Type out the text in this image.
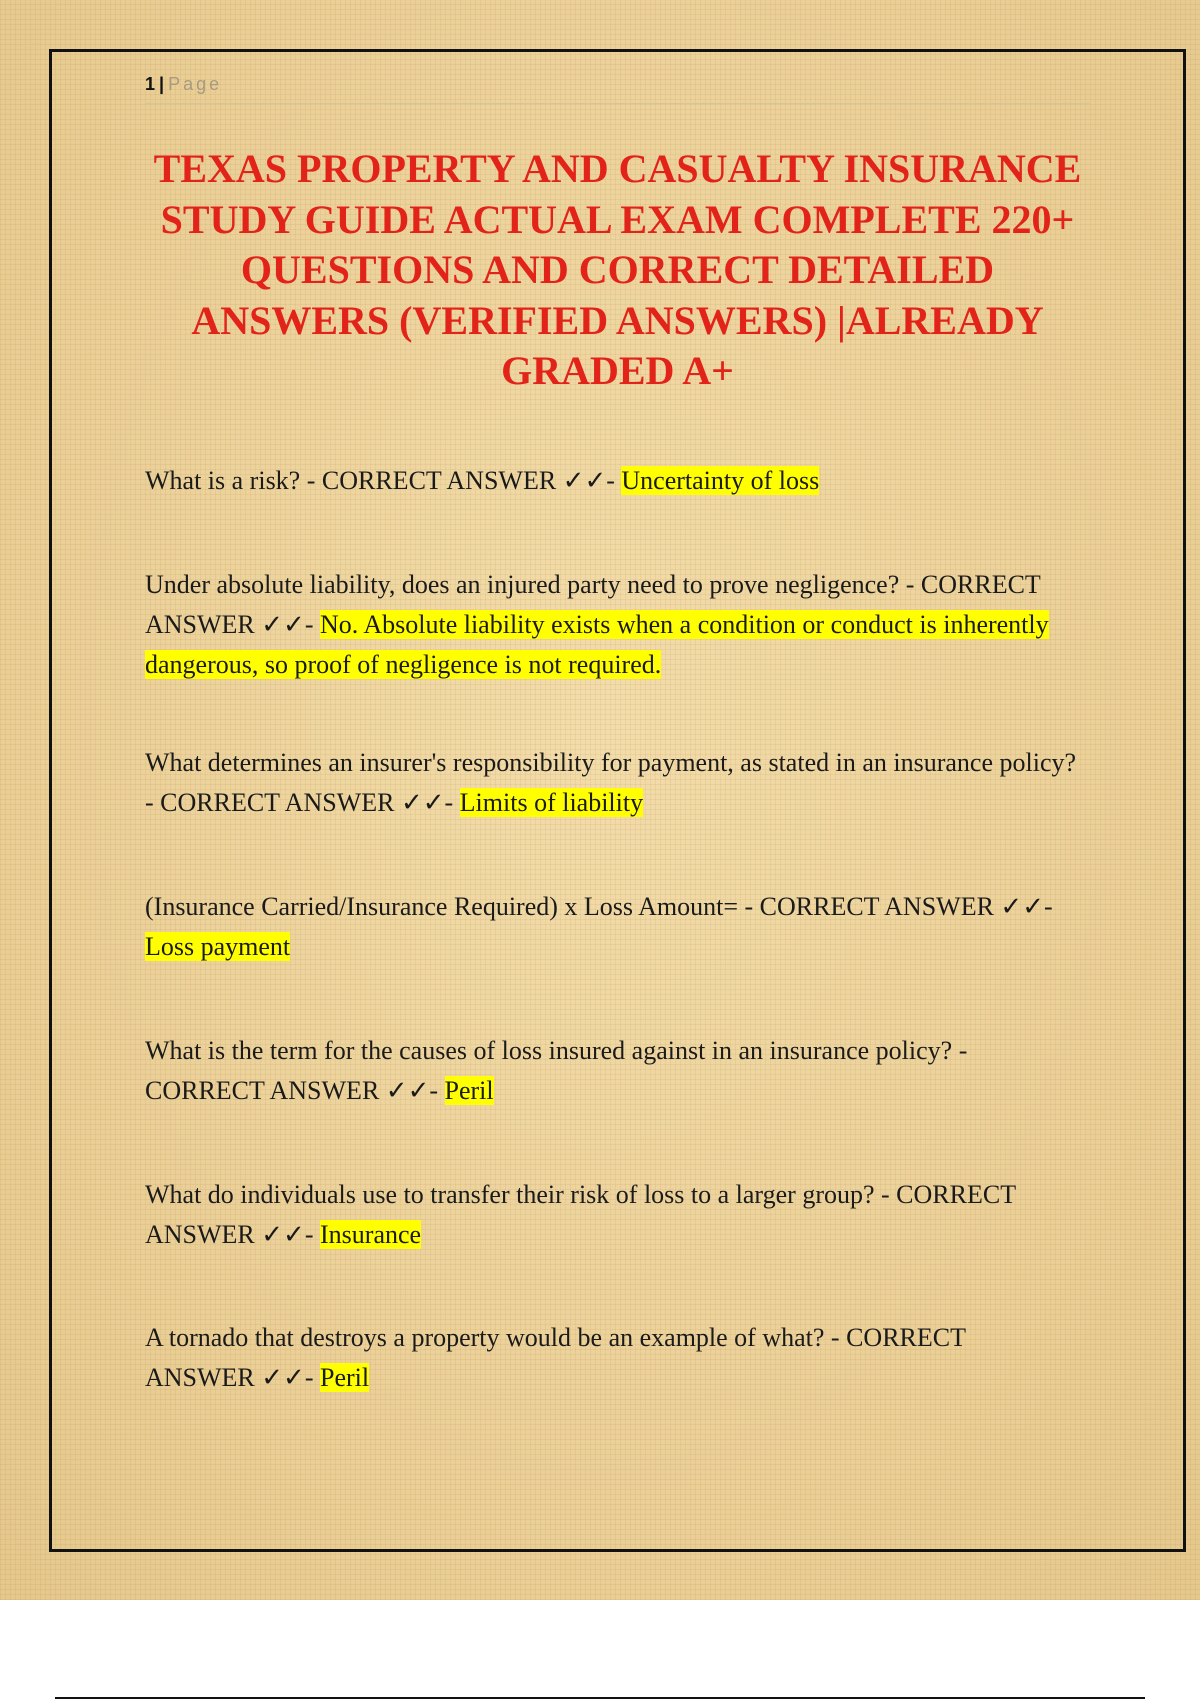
1 | Page
TEXAS PROPERTY AND CASUALTY INSURANCE STUDY GUIDE ACTUAL EXAM COMPLETE 220+ QUESTIONS AND CORRECT DETAILED ANSWERS (VERIFIED ANSWERS) |ALREADY GRADED A+
What is a risk? - CORRECT ANSWER ✓✓- Uncertainty of loss
Under absolute liability, does an injured party need to prove negligence? - CORRECT ANSWER ✓✓- No. Absolute liability exists when a condition or conduct is inherently dangerous, so proof of negligence is not required.
What determines an insurer's responsibility for payment, as stated in an insurance policy? - CORRECT ANSWER ✓✓- Limits of liability
(Insurance Carried/Insurance Required) x Loss Amount= - CORRECT ANSWER ✓✓- Loss payment
What is the term for the causes of loss insured against in an insurance policy? - CORRECT ANSWER ✓✓- Peril
What do individuals use to transfer their risk of loss to a larger group? - CORRECT ANSWER ✓✓- Insurance
A tornado that destroys a property would be an example of what? - CORRECT ANSWER ✓✓- Peril
